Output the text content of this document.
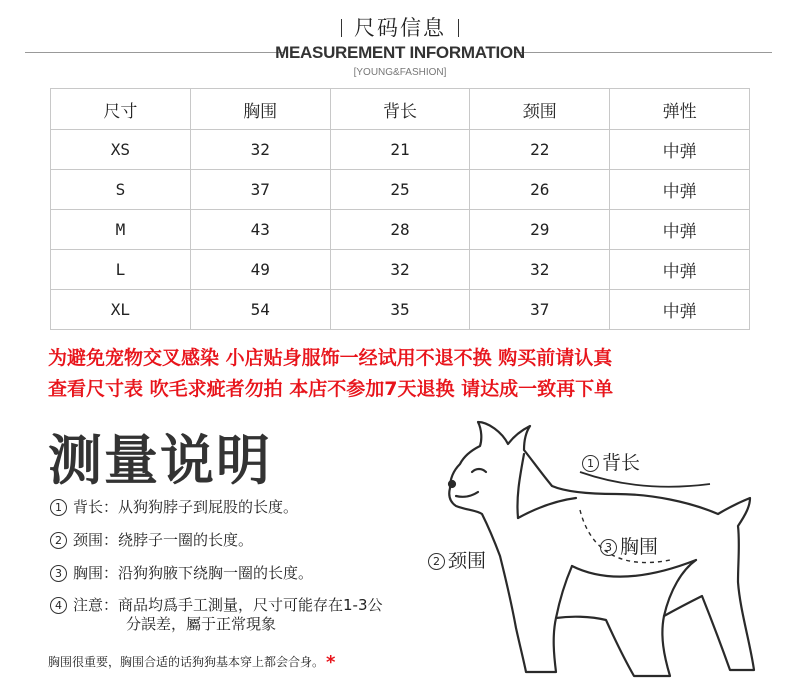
尺码信息
MEASUREMENT INFORMATION
[YOUNG&FASHION]
尺寸	胸围	背长	颈围	弹性
XS	32	21	22	中弹
S	37	25	26	中弹
M	43	28	29	中弹
L	49	32	32	中弹
XL	54	35	37	中弹
为避免宠物交叉感染 小店贴身服饰一经试用不退不换 购买前请认真
查看尺寸表 吹毛求疵者勿拍 本店不参加7天退换 请达成一致再下单
测量说明
1 背长：从狗狗脖子到屁股的长度。
2 颈围：绕脖子一圈的长度。
3 胸围：沿狗狗腋下绕胸一圈的长度。
4 注意：商品均爲手工測量，尺寸可能存在1-3公
分誤差，屬于正常現象
胸围很重要，胸围合适的话狗狗基本穿上都会合身。 *
1 背长
2 颈围
3 胸围
